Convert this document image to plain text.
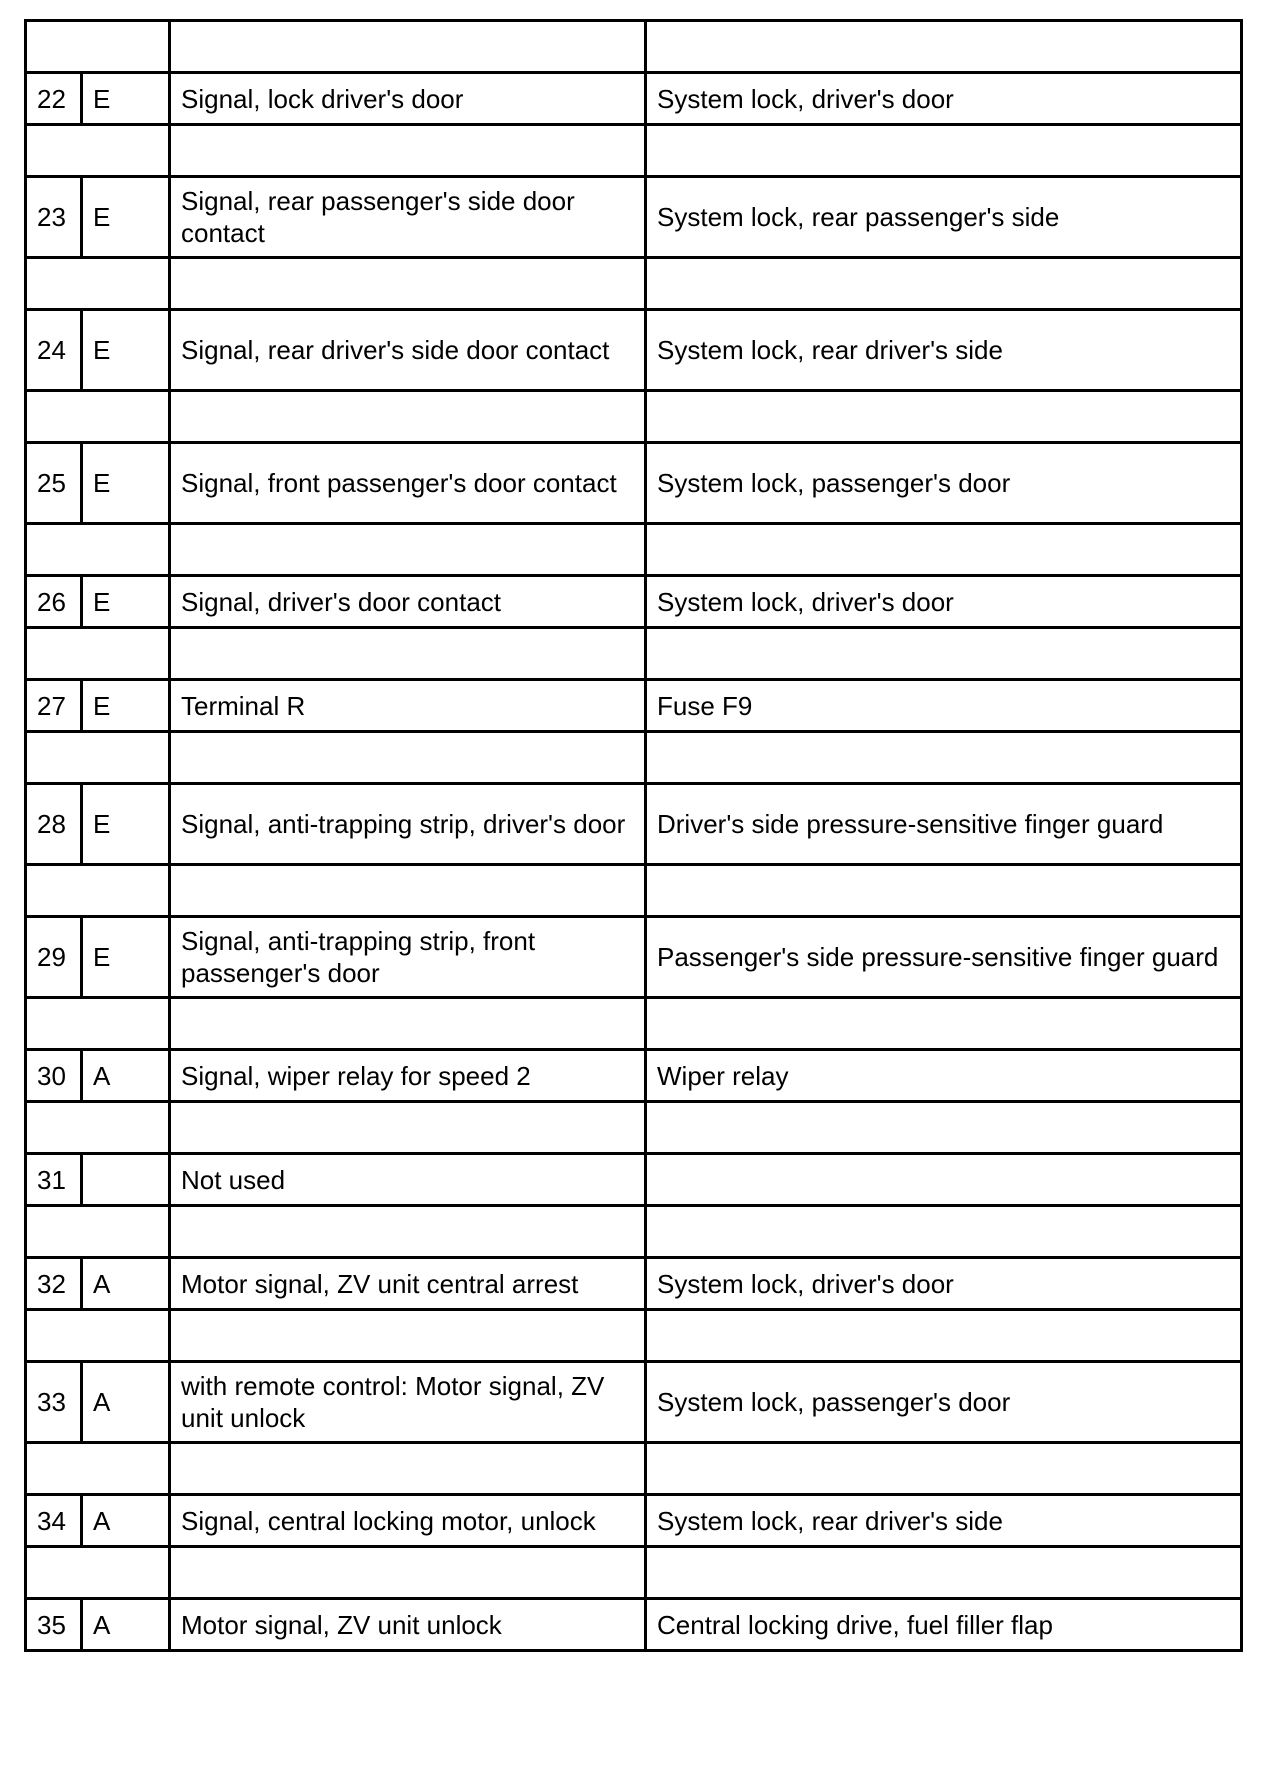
22	E	Signal, lock driver's door	System lock, driver's door

23	E	Signal, rear passenger's side door contact	System lock, rear passenger's side

24	E	Signal, rear driver's side door contact	System lock, rear driver's side

25	E	Signal, front passenger's door contact	System lock, passenger's door

26	E	Signal, driver's door contact	System lock, driver's door

27	E	Terminal R	Fuse F9

28	E	Signal, anti-trapping strip, driver's door	Driver's side pressure-sensitive finger guard

29	E	Signal, anti-trapping strip, front passenger's door	Passenger's side pressure-sensitive finger guard

30	A	Signal, wiper relay for speed 2	Wiper relay

31		Not used	

32	A	Motor signal, ZV unit central arrest	System lock, driver's door

33	A	with remote control: Motor signal, ZV unit unlock	System lock, passenger's door

34	A	Signal, central locking motor, unlock	System lock, rear driver's side

35	A	Motor signal, ZV unit unlock	Central locking drive, fuel filler flap
